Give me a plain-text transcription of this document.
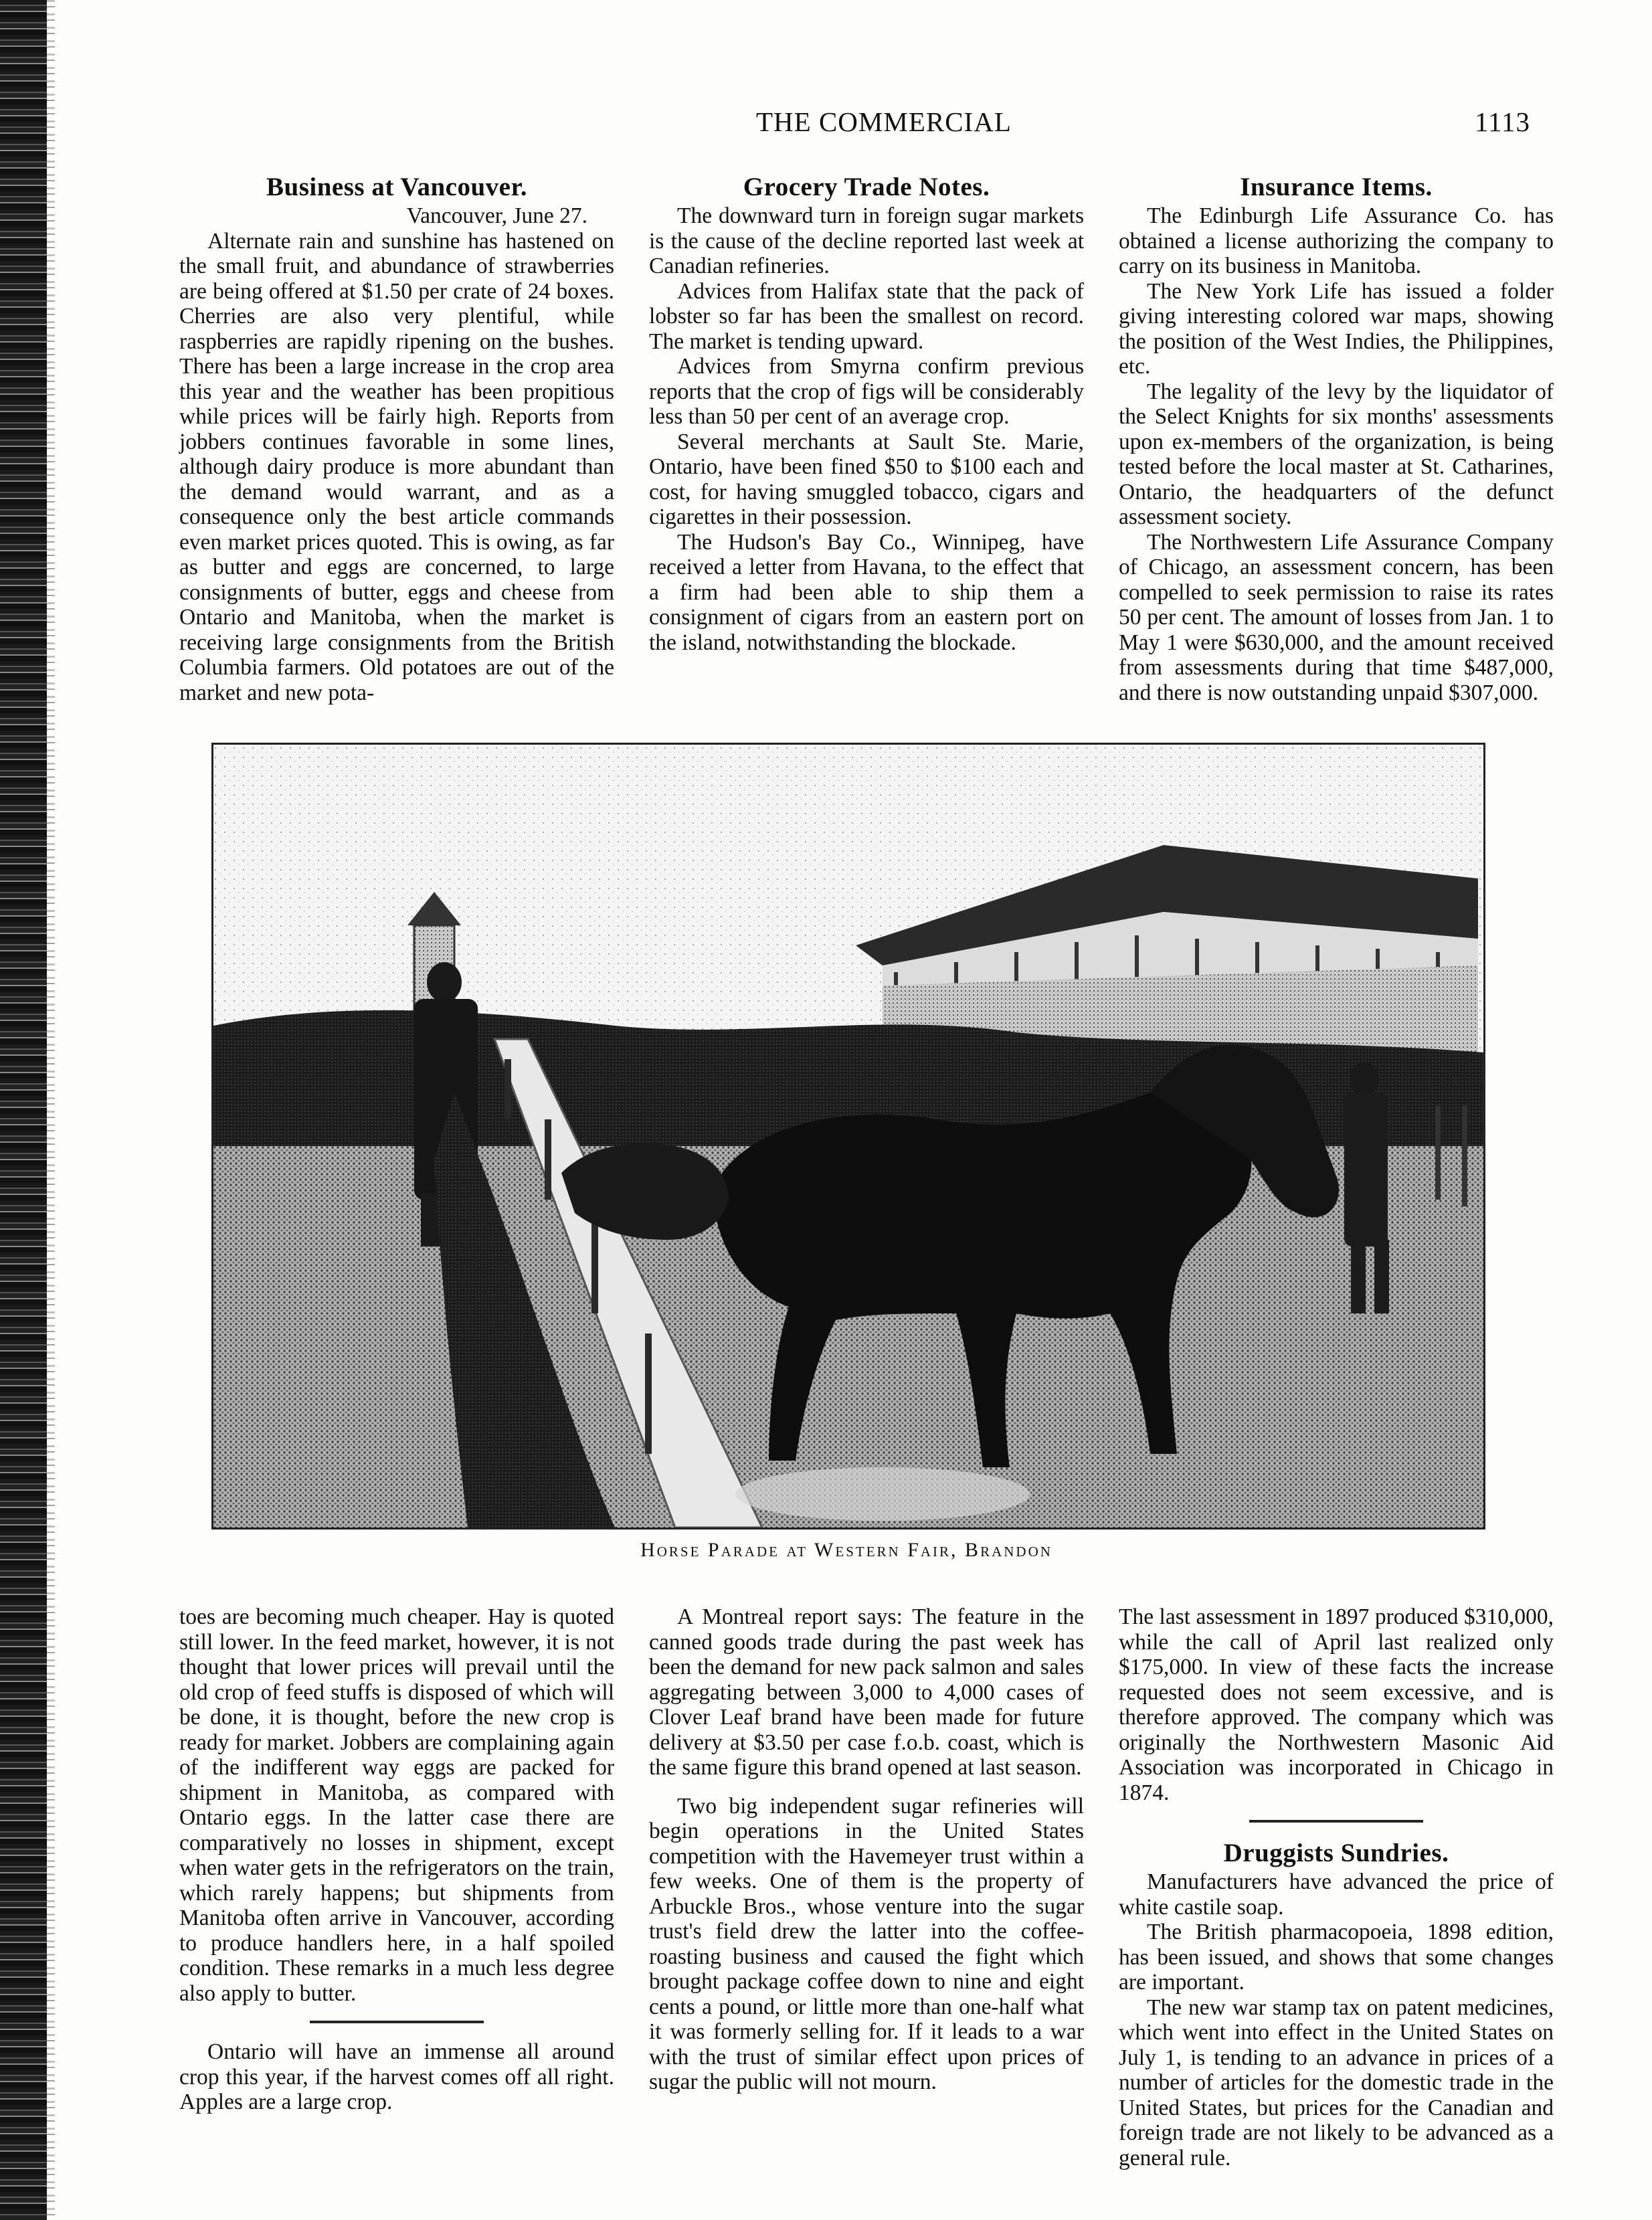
THE COMMERCIAL	1113
Business at Vancouver.

Vancouver, June 27.

Alternate rain and sunshine has hastened on the small fruit, and abundance of strawberries are being offered at $1.50 per crate of 24 boxes. Cherries are also very plentiful, while raspberries are rapidly ripening on the bushes. There has been a large increase in the crop area this year and the weather has been propitious while prices will be fairly high. Reports from jobbers continues favorable in some lines, although dairy produce is more abundant than the demand would warrant, and as a consequence only the best article commands even market prices quoted. This is owing, as far as butter and eggs are concerned, to large consignments of butter, eggs and cheese from Ontario and Manitoba, when the market is receiving large consignments from the British Columbia farmers. Old potatoes are out of the market and new pota-

Grocery Trade Notes.

The downward turn in foreign sugar markets is the cause of the decline reported last week at Canadian refineries.

Advices from Halifax state that the pack of lobster so far has been the smallest on record. The market is tending upward.

Advices from Smyrna confirm previous reports that the crop of figs will be considerably less than 50 per cent of an average crop.

Several merchants at Sault Ste. Marie, Ontario, have been fined $50 to $100 each and cost, for having smuggled tobacco, cigars and cigarettes in their possession.

The Hudson's Bay Co., Winnipeg, have received a letter from Havana, to the effect that a firm had been able to ship them a consignment of cigars from an eastern port on the island, notwithstanding the blockade.

Insurance Items.

The Edinburgh Life Assurance Co. has obtained a license authorizing the company to carry on its business in Manitoba.

The New York Life has issued a folder giving interesting colored war maps, showing the position of the West Indies, the Philippines, etc.

The legality of the levy by the liquidator of the Select Knights for six months' assessments upon ex-members of the organization, is being tested before the local master at St. Catharines, Ontario, the headquarters of the defunct assessment society.

The Northwestern Life Assurance Company of Chicago, an assessment concern, has been compelled to seek permission to raise its rates 50 per cent. The amount of losses from Jan. 1 to May 1 were $630,000, and the amount received from assessments during that time $487,000, and there is now outstanding unpaid $307,000.

Horse Parade at Western Fair, Brandon

toes are becoming much cheaper. Hay is quoted still lower. In the feed market, however, it is not thought that lower prices will prevail until the old crop of feed stuffs is disposed of which will be done, it is thought, before the new crop is ready for market. Jobbers are complaining again of the indifferent way eggs are packed for shipment in Manitoba, as compared with Ontario eggs. In the latter case there are comparatively no losses in shipment, except when water gets in the refrigerators on the train, which rarely happens; but shipments from Manitoba often arrive in Vancouver, according to produce handlers here, in a half spoiled condition. These remarks in a much less degree also apply to butter.

Ontario will have an immense all around crop this year, if the harvest comes off all right. Apples are a large crop.

A Montreal report says: The feature in the canned goods trade during the past week has been the demand for new pack salmon and sales aggregating between 3,000 to 4,000 cases of Clover Leaf brand have been made for future delivery at $3.50 per case f.o.b. coast, which is the same figure this brand opened at last season.

Two big independent sugar refineries will begin operations in the United States competition with the Havemeyer trust within a few weeks. One of them is the property of Arbuckle Bros., whose venture into the sugar trust's field drew the latter into the coffee-roasting business and caused the fight which brought package coffee down to nine and eight cents a pound, or little more than one-half what it was formerly selling for. If it leads to a war with the trust of similar effect upon prices of sugar the public will not mourn.

The last assessment in 1897 produced $310,000, while the call of April last realized only $175,000. In view of these facts the increase requested does not seem excessive, and is therefore approved. The company which was originally the Northwestern Masonic Aid Association was incorporated in Chicago in 1874.

Druggists Sundries.

Manufacturers have advanced the price of white castile soap.

The British pharmacopoeia, 1898 edition, has been issued, and shows that some changes are important.

The new war stamp tax on patent medicines, which went into effect in the United States on July 1, is tending to an advance in prices of a number of articles for the domestic trade in the United States, but prices for the Canadian and foreign trade are not likely to be advanced as a general rule.
